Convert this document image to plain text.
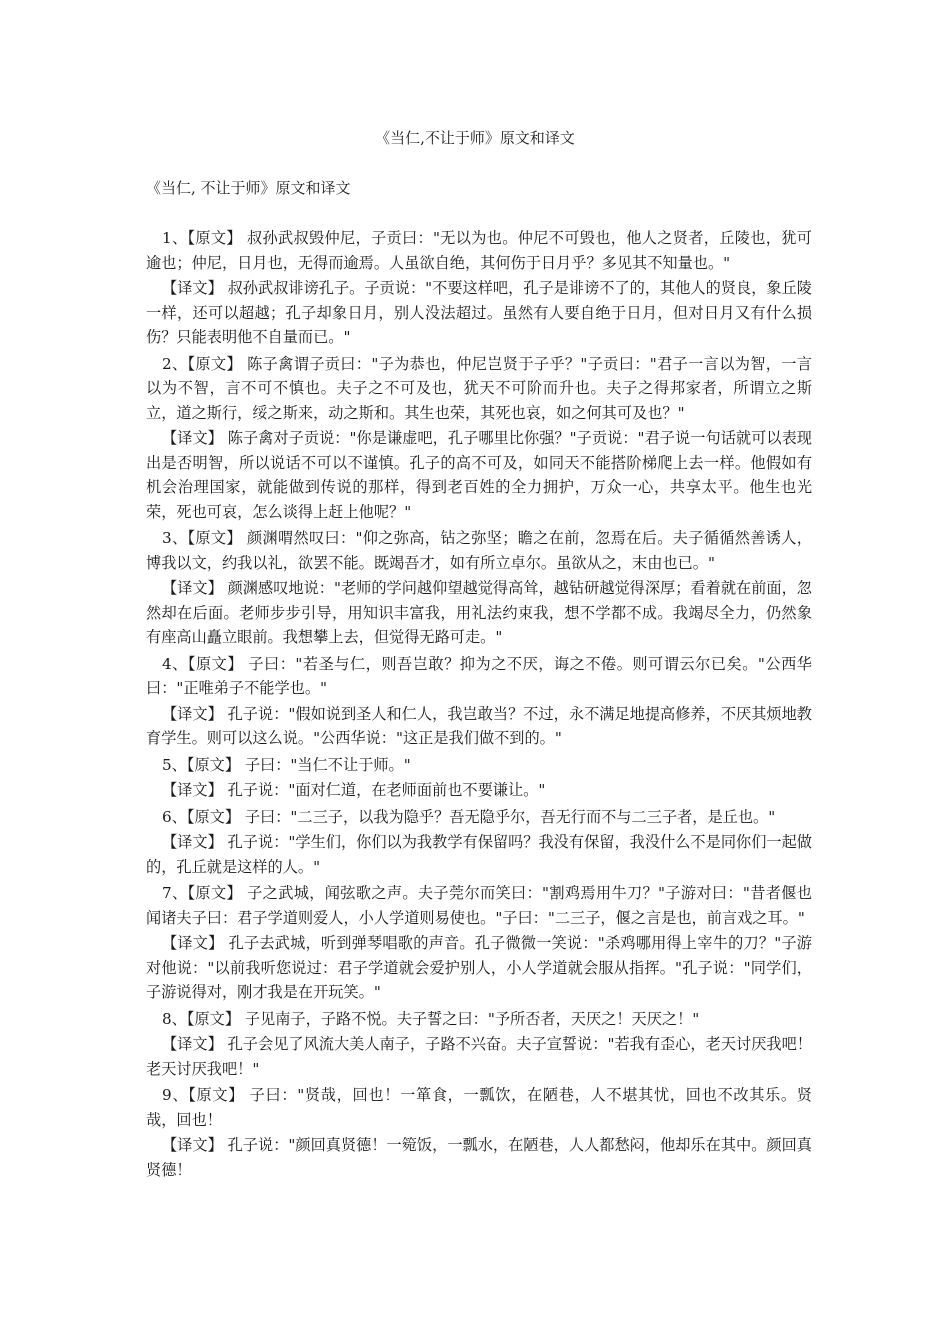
《当仁,不让于师》原文和译文
《当仁, 不让于师》原文和译文

1、【原文】 叔孙武叔毁仲尼，子贡曰："无以为也。仲尼不可毁也，他人之贤者，丘陵也，犹可逾也；仲尼，日月也，无得而逾焉。人虽欲自绝，其何伤于日月乎？多见其不知量也。"

【译文】 叔孙武叔诽谤孔子。子贡说："不要这样吧，孔子是诽谤不了的，其他人的贤良，象丘陵一样，还可以超越；孔子却象日月，别人没法超过。虽然有人要自绝于日月，但对日月又有什么损伤？只能表明他不自量而已。"

2、【原文】 陈子禽谓子贡曰："子为恭也，仲尼岂贤于子乎？"子贡曰："君子一言以为智，一言以为不智，言不可不慎也。夫子之不可及也，犹天不可阶而升也。夫子之得邦家者，所谓立之斯立，道之斯行，绥之斯来，动之斯和。其生也荣，其死也哀，如之何其可及也？"

【译文】 陈子禽对子贡说："你是谦虚吧，孔子哪里比你强？"子贡说："君子说一句话就可以表现出是否明智，所以说话不可以不谨慎。孔子的高不可及，如同天不能搭阶梯爬上去一样。他假如有机会治理国家，就能做到传说的那样，得到老百姓的全力拥护，万众一心，共享太平。他生也光荣，死也可哀，怎么谈得上赶上他呢？"

3、【原文】 颜渊喟然叹曰："仰之弥高，钻之弥坚；瞻之在前，忽焉在后。夫子循循然善诱人，博我以文，约我以礼，欲罢不能。既竭吾才，如有所立卓尔。虽欲从之，末由也已。"

【译文】 颜渊感叹地说："老师的学问越仰望越觉得高耸，越钻研越觉得深厚；看着就在前面，忽然却在后面。老师步步引导，用知识丰富我，用礼法约束我，想不学都不成。我竭尽全力，仍然象有座高山矗立眼前。我想攀上去，但觉得无路可走。"

4、【原文】 子曰："若圣与仁，则吾岂敢？抑为之不厌，诲之不倦。则可谓云尔已矣。"公西华曰："正唯弟子不能学也。"

【译文】 孔子说："假如说到圣人和仁人，我岂敢当？不过，永不满足地提高修养，不厌其烦地教育学生。则可以这么说。"公西华说："这正是我们做不到的。"

5、【原文】 子曰："当仁不让于师。"

【译文】 孔子说："面对仁道，在老师面前也不要谦让。"

6、【原文】 子曰："二三子，以我为隐乎？吾无隐乎尔，吾无行而不与二三子者，是丘也。"

【译文】 孔子说："学生们，你们以为我教学有保留吗？我没有保留，我没什么不是同你们一起做的，孔丘就是这样的人。"

7、【原文】 子之武城，闻弦歌之声。夫子莞尔而笑曰："割鸡焉用牛刀？"子游对曰："昔者偃也闻诸夫子曰：君子学道则爱人，小人学道则易使也。"子曰："二三子，偃之言是也，前言戏之耳。"

【译文】 孔子去武城，听到弹琴唱歌的声音。孔子微微一笑说："杀鸡哪用得上宰牛的刀？"子游对他说："以前我听您说过：君子学道就会爱护别人，小人学道就会服从指挥。"孔子说："同学们，子游说得对，刚才我是在开玩笑。"

8、【原文】 子见南子，子路不悦。夫子誓之曰："予所否者，天厌之！天厌之！"

【译文】 孔子会见了风流大美人南子，子路不兴奋。夫子宣誓说："若我有歪心，老天讨厌我吧！老天讨厌我吧！"

9、【原文】 子曰："贤哉，回也！一箪食，一瓢饮，在陋巷，人不堪其忧，回也不改其乐。贤哉，回也！

【译文】 孔子说："颜回真贤德！一箢饭，一瓢水，在陋巷，人人都愁闷，他却乐在其中。颜回真贤德！
